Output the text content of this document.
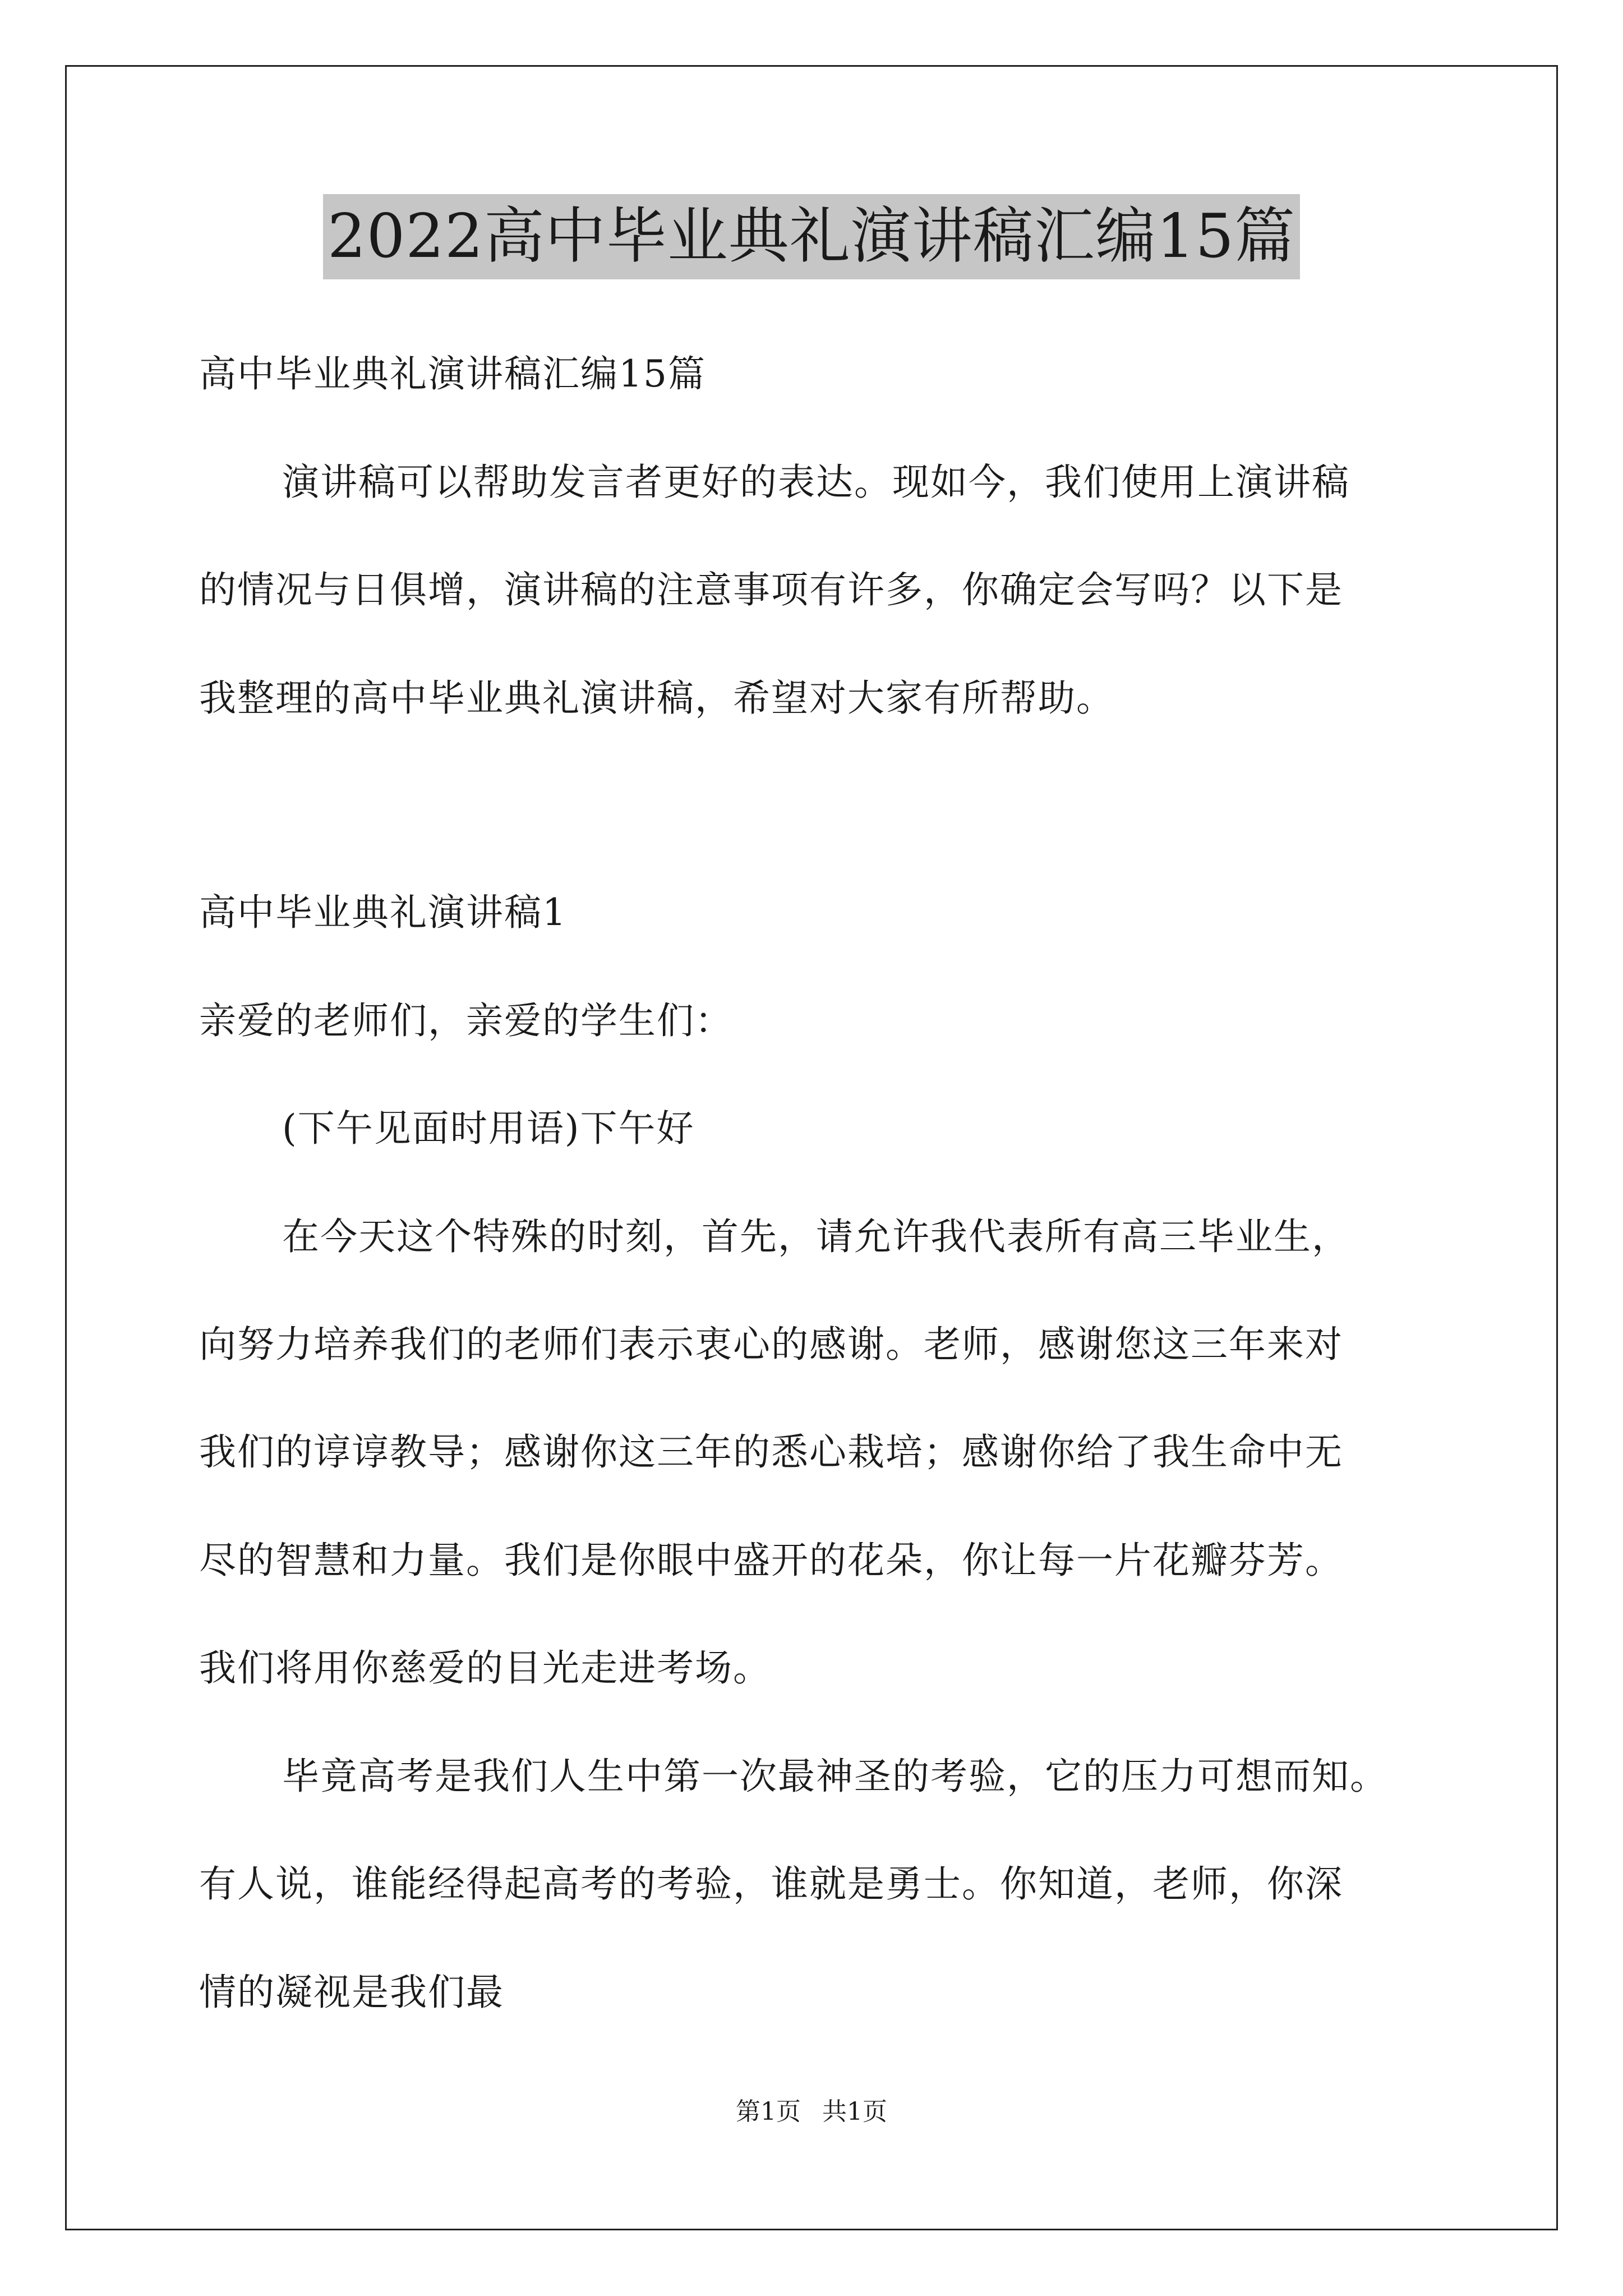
2022高中毕业典礼演讲稿汇编15篇
高中毕业典礼演讲稿汇编15篇
演讲稿可以帮助发言者更好的表达。现如今，我们使用上演讲稿
的情况与日俱增，演讲稿的注意事项有许多，你确定会写吗？以下是
我整理的高中毕业典礼演讲稿，希望对大家有所帮助。
高中毕业典礼演讲稿1
亲爱的老师们，亲爱的学生们：
(下午见面时用语)下午好
在今天这个特殊的时刻，首先，请允许我代表所有高三毕业生，
向努力培养我们的老师们表示衷心的感谢。老师，感谢您这三年来对
我们的谆谆教导；感谢你这三年的悉心栽培；感谢你给了我生命中无
尽的智慧和力量。我们是你眼中盛开的花朵，你让每一片花瓣芬芳。
我们将用你慈爱的目光走进考场。
毕竟高考是我们人生中第一次最神圣的考验，它的压力可想而知。
有人说，谁能经得起高考的考验，谁就是勇士。你知道，老师，你深
情的凝视是我们最
第1页 共1页
